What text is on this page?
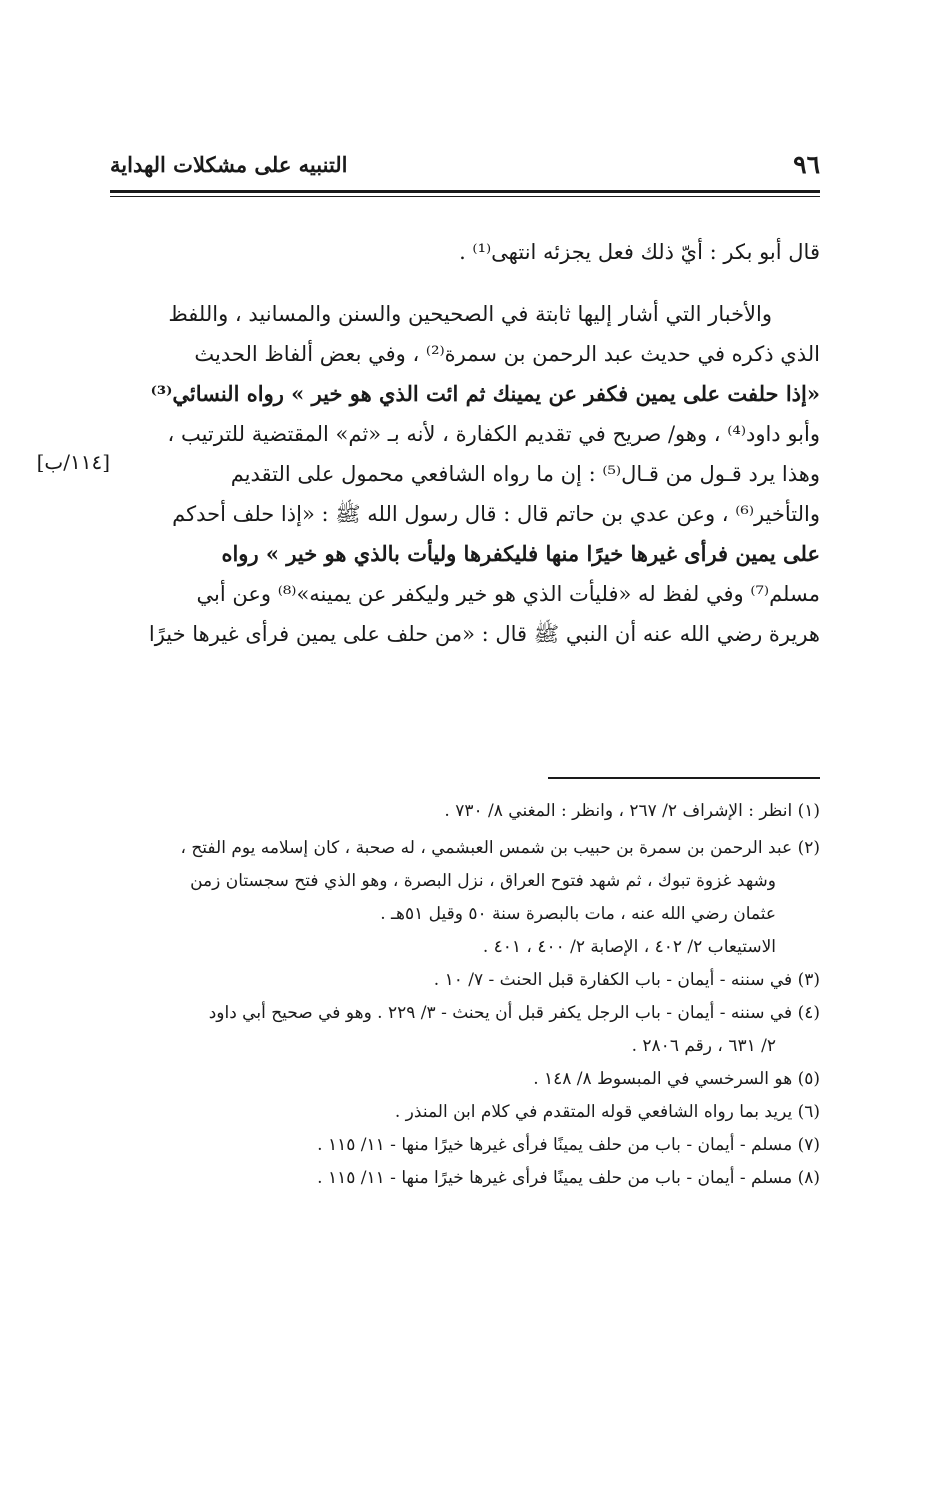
٩٦
التنبيه على مشكلات الهداية
قال أبو بكر : أيّ ذلك فعل يجزئه انتهى⁽¹⁾ .
والأخبار التي أشار إليها ثابتة في الصحيحين والسنن والمسانيد ، واللفظ
الذي ذكره في حديث عبد الرحمن بن سمرة⁽²⁾ ، وفي بعض ألفاظ الحديث
«إذا حلفت على يمين فكفر عن يمينك ثم ائت الذي هو خير » رواه النسائي⁽³⁾
وأبو داود⁽⁴⁾ ، وهو/ صريح في تقديم الكفارة ، لأنه بـ «ثم» المقتضية للترتيب ،
وهذا يرد قـول من قـال⁽⁵⁾ : إن ما رواه الشافعي محمول على التقديم
والتأخير⁽⁶⁾ ، وعن عدي بن حاتم قال : قال رسول الله ﷺ : «إذا حلف أحدكم
على يمين فرأى غيرها خيرًا منها فليكفرها وليأت بالذي هو خير » رواه
مسلم⁽⁷⁾ وفي لفظ له «فليأت الذي هو خير وليكفر عن يمينه»⁽⁸⁾ وعن أبي
هريرة رضي الله عنه أن النبي ﷺ قال : «من حلف على يمين فرأى غيرها خيرًا
[١١٤/ب]
(١) انظر : الإشراف ٢/ ٢٦٧ ، وانظر : المغني ٨/ ٧٣٠ .
(٢) عبد الرحمن بن سمرة بن حبيب بن شمس العبشمي ، له صحبة ، كان إسلامه يوم الفتح ،
وشهد غزوة تبوك ، ثم شهد فتوح العراق ، نزل البصرة ، وهو الذي فتح سجستان زمن
عثمان رضي الله عنه ، مات بالبصرة سنة ٥٠ وقيل ٥١هـ .
الاستيعاب ٢/ ٤٠٢ ، الإصابة ٢/ ٤٠٠ ، ٤٠١ .
(٣) في سننه - أيمان - باب الكفارة قبل الحنث - ٧/ ١٠ .
(٤) في سننه - أيمان - باب الرجل يكفر قبل أن يحنث - ٣/ ٢٢٩ . وهو في صحيح أبي داود
٢/ ٦٣١ ، رقم ٢٨٠٦ .
(٥) هو السرخسي في المبسوط ٨/ ١٤٨ .
(٦) يريد بما رواه الشافعي قوله المتقدم في كلام ابن المنذر .
(٧) مسلم - أيمان - باب من حلف يمينًا فرأى غيرها خيرًا منها - ١١/ ١١٥ .
(٨) مسلم - أيمان - باب من حلف يمينًا فرأى غيرها خيرًا منها - ١١/ ١١٥ .
